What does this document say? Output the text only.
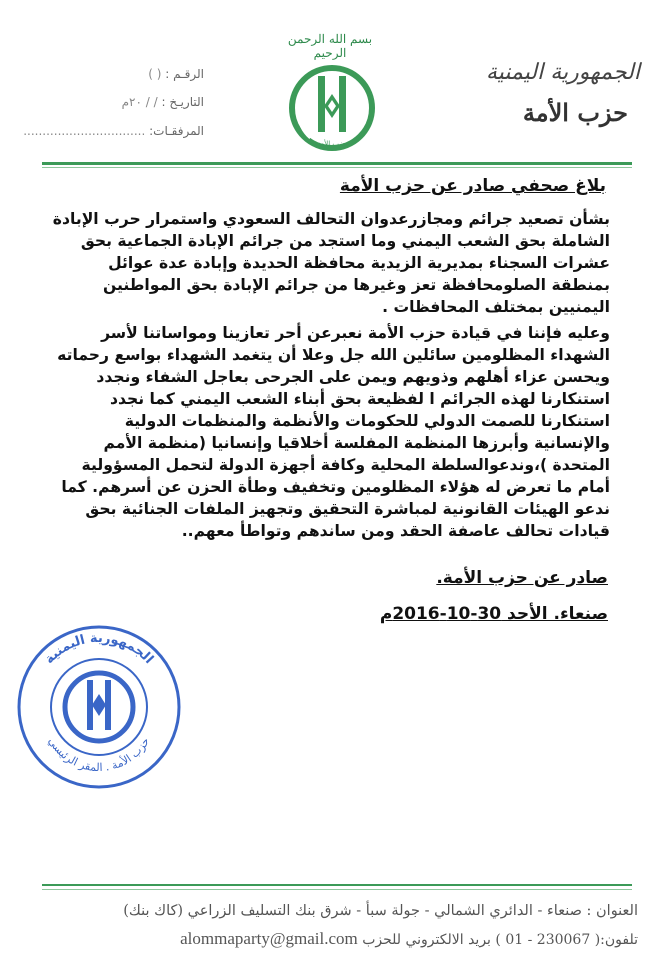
بسم الله الرحمن الرحيم
حزب الأمة
الجمهورية اليمنية
حزب الأمة
الرقـم : ( )
التاريـخ : / / ٢٠م
المرفقـات: ................................
بلاغ صحفي صادر عن حزب الأمة
بشأن تصعيد جرائم ومجازرعدوان التحالف السعودي واستمرار حرب الإبادة الشاملة بحق الشعب اليمني وما استجد من جرائم الإبادة الجماعية بحق عشرات السجناء بمديرية الزيدية محافظة الحديدة وإبادة عدة عوائل بمنطقة الصلومحافظة تعز وغيرها من جرائم الإبادة بحق المواطنين اليمنيين بمختلف المحافظات .
وعليه فإننا في قيادة حزب الأمة نعبرعن أحر تعازينا ومواساتنا لأسر الشهداء المظلومين سائلين الله جل وعلا أن يتغمد الشهداء بواسع رحماته ويحسن عزاء أهلهم وذويهم ويمن على الجرحى بعاجل الشفاء ونجدد استنكارنا لهذه الجرائم ا لفظيعة بحق أبناء الشعب اليمني كما نجدد استنكارنا للصمت الدولي للحكومات والأنظمة والمنظمات الدولية والإنسانية وأبرزها المنظمة المفلسة أخلاقيا وإنسانيا (منظمة الأمم المتحدة )،وندعوالسلطة المحلية وكافة أجهزة الدولة لتحمل المسؤولية أمام ما تعرض له هؤلاء المظلومين وتخفيف وطأة الحزن عن أسرهم. كما ندعو الهيئات القانونية لمباشرة التحقيق وتجهيز الملفات الجنائية بحق قيادات تحالف عاصفة الحقد ومن ساندهم وتواطأ معهم..
صادر عن حزب الأمة.
صنعاء. الأحد 30-10-2016م
الجمهورية اليمنية
حزب الأمة . المقر الرئيسي
العنوان : صنعاء - الدائري الشمالي - جولة سبأ - شرق بنك التسليف الزراعي (كاك بنك)
تلفون:( 230067 - 01 ) بريد الالكتروني للحزب alommaparty@gmail.com
